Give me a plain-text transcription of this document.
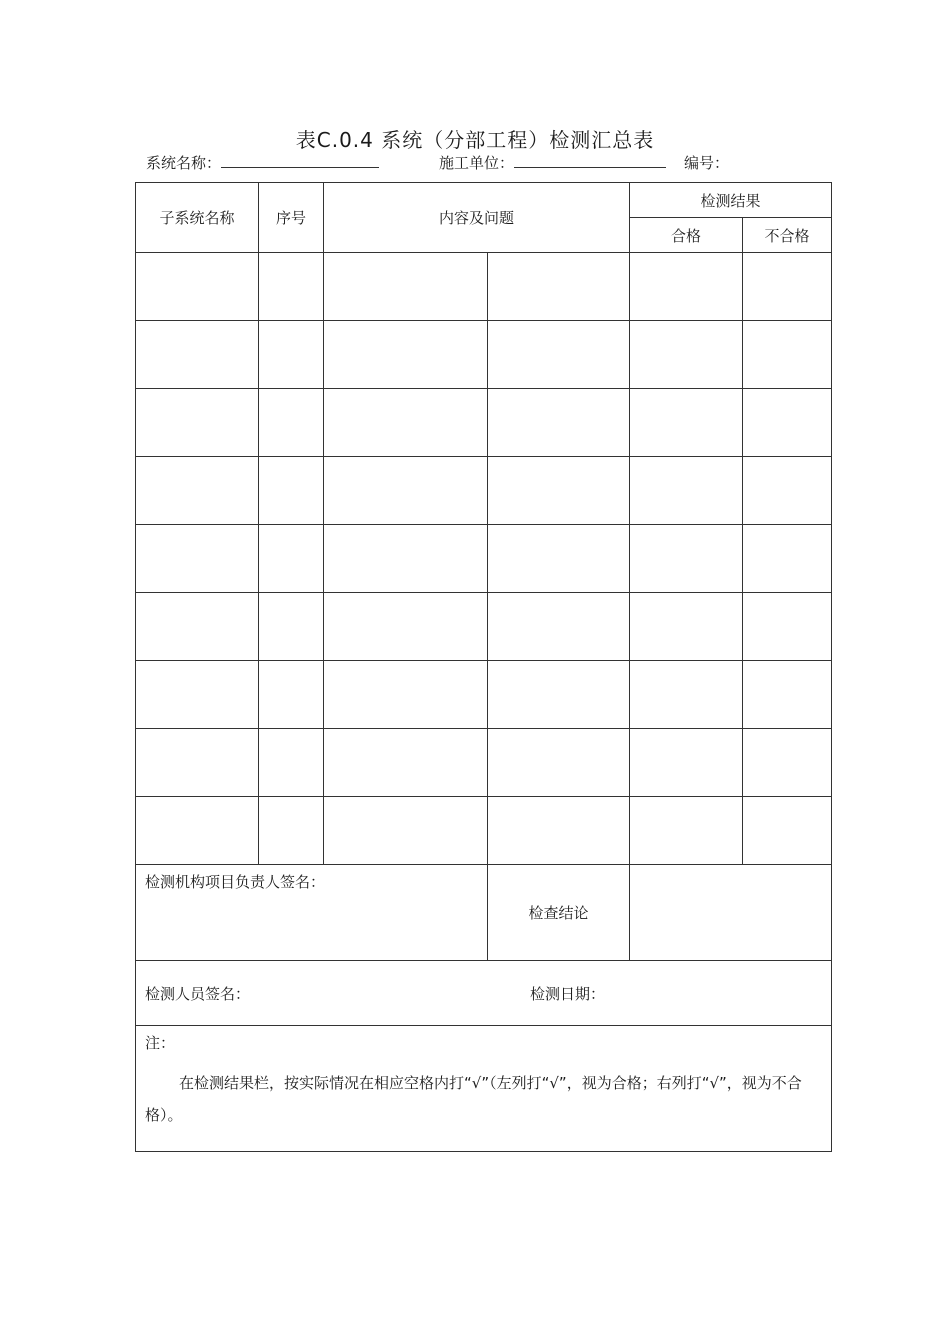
表C.0.4 系统（分部工程）检测汇总表
系统名称：	施工单位：	编号：
子系统名称	序号	内容及问题		检测结果	
				合格	不合格

检测机构项目负责人签名：			检查结论		

检测人员签名： 检测日期：					

注：
在检测结果栏，按实际情况在相应空格内打“√”（左列打“√”，视为合格；右列打“√”，视为不合格）。					
